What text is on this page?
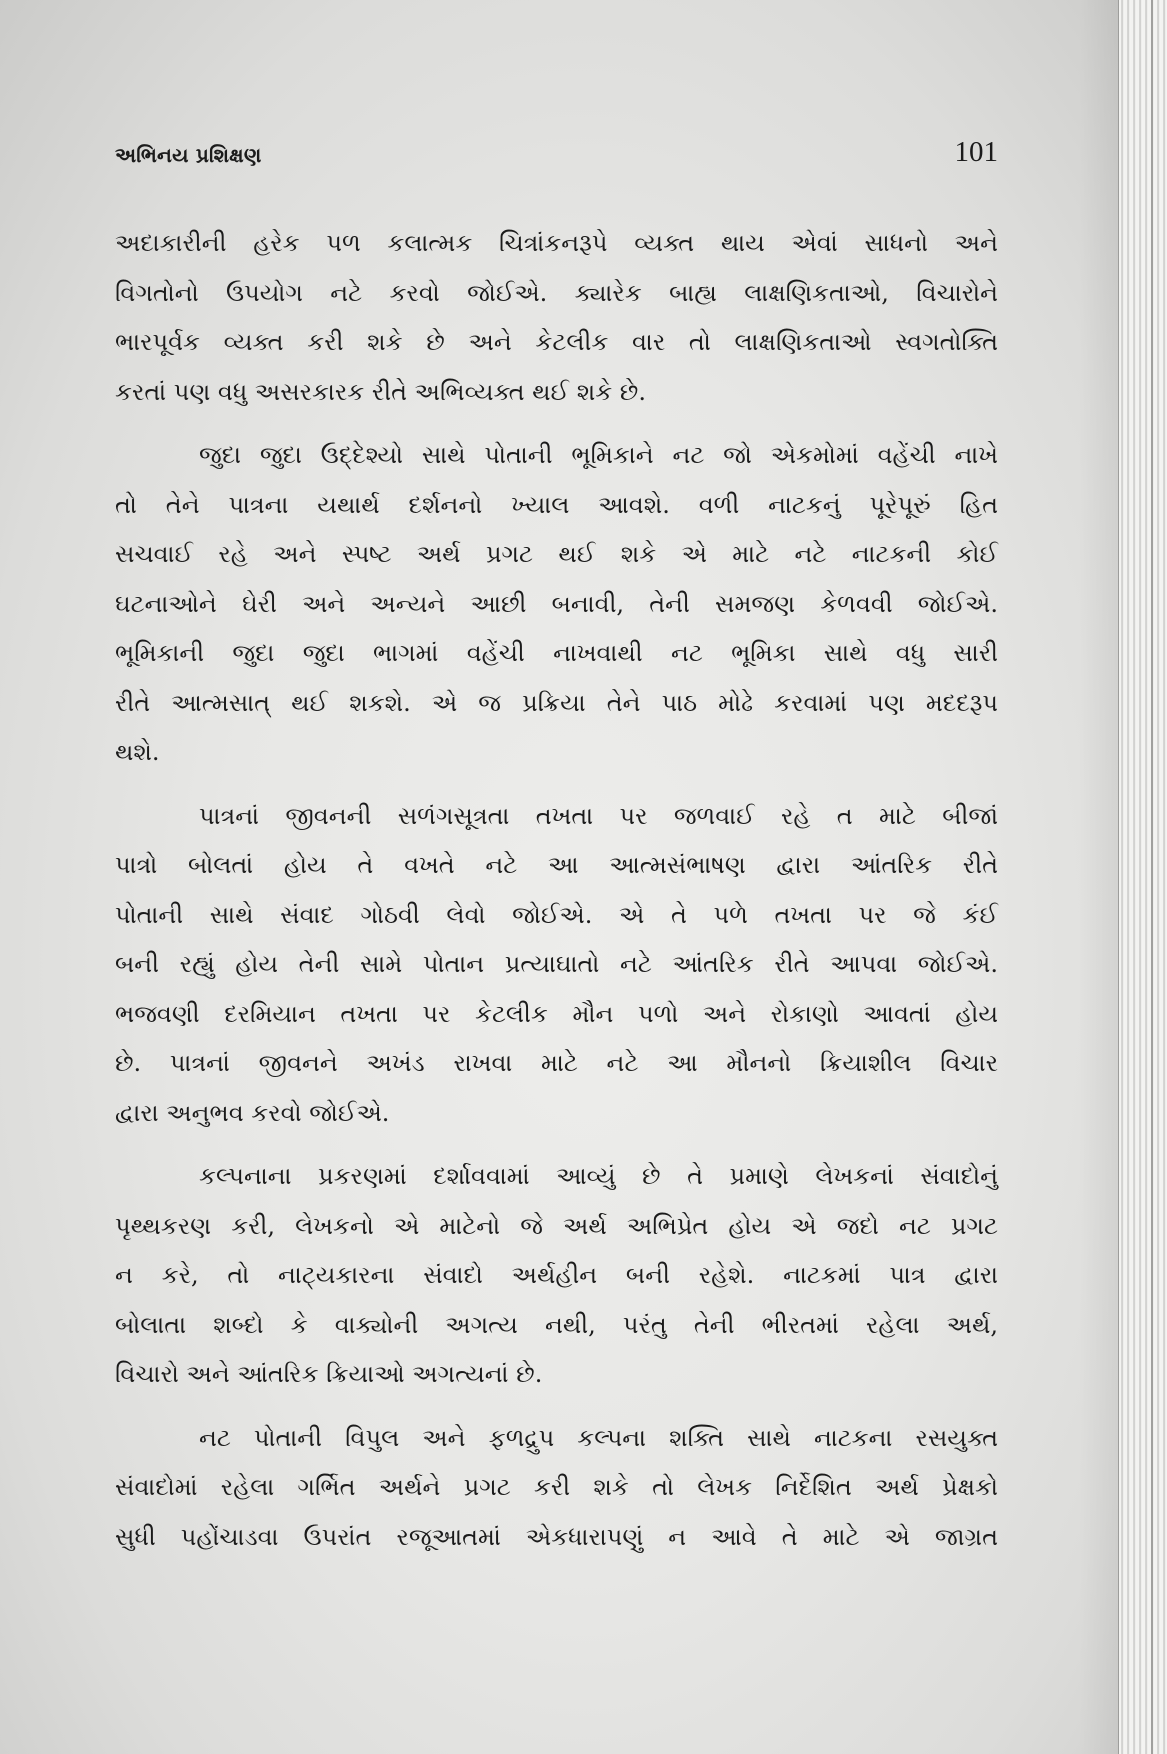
અભિનય પ્રશિક્ષણ	101
અદાકારીની હરેક પળ કલાત્મક ચિત્રાંકનરૂપે વ્યક્ત થાય એવાં સાધનો અને
વિગતોનો ઉપયોગ નટે કરવો જોઈએ. ક્યારેક બાહ્ય લાક્ષણિકતાઓ, વિચારોને
ભારપૂર્વક વ્યક્ત કરી શકે છે અને કેટલીક વાર તો લાક્ષણિકતાઓ સ્વગતોક્તિ
કરતાં પણ વધુ અસરકારક રીતે અભિવ્યક્ત થઈ શકે છે.
જુદા જુદા ઉદ્દેશ્યો સાથે પોતાની ભૂમિકાને નટ જો એકમોમાં વહેંચી નાખે
તો તેને પાત્રના યથાર્થ દર્શનનો ખ્યાલ આવશે. વળી નાટકનું પૂરેપૂરું હિત
સચવાઈ રહે અને સ્પષ્ટ અર્થ પ્રગટ થઈ શકે એ માટે નટે નાટકની કોઈ
ઘટનાઓને ઘેરી અને અન્યને આછી બનાવી, તેની સમજણ કેળવવી જોઈએ.
ભૂમિકાની જુદા જુદા ભાગમાં વહેંચી નાખવાથી નટ ભૂમિકા સાથે વધુ સારી
રીતે આત્મસાત્ થઈ શકશે. એ જ પ્રક્રિયા તેને પાઠ મોઢે કરવામાં પણ મદદરૂપ
થશે.
પાત્રનાં જીવનની સળંગસૂત્રતા તખતા પર જળવાઈ રહે ત માટે બીજાં
પાત્રો બોલતાં હોય તે વખતે નટે આ આત્મસંભાષણ દ્વારા આંતરિક રીતે
પોતાની સાથે સંવાદ ગોઠવી લેવો જોઈએ. એ તે પળે તખતા પર જે કંઈ
બની રહ્યું હોય તેની સામે પોતાન પ્રત્યાઘાતો નટે આંતરિક રીતે આપવા જોઈએ.
ભજવણી દરમિયાન તખતા પર કેટલીક મૌન પળો અને રોકાણો આવતાં હોય
છે. પાત્રનાં જીવનને અખંડ રાખવા માટે નટે આ મૌનનો ક્રિયાશીલ વિચાર
દ્વારા અનુભવ કરવો જોઈએ.
કલ્પનાના પ્રકરણમાં દર્શાવવામાં આવ્યું છે તે પ્રમાણે લેખકનાં સંવાદોનું
પૃથ્થકરણ કરી, લેખકનો એ માટેનો જે અર્થ અભિપ્રેત હોય એ જદો નટ પ્રગટ
ન કરે, તો નાટ્યકારના સંવાદો અર્થહીન બની રહેશે. નાટકમાં પાત્ર દ્વારા
બોલાતા શબ્દો કે વાક્યોની અગત્ય નથી, પરંતુ તેની ભીરતમાં રહેલા અર્થ,
વિચારો અને આંતરિક ક્રિયાઓ અગત્યનાં છે.
નટ પોતાની વિપુલ અને ફળદ્રુપ કલ્પના શક્તિ સાથે નાટકના રસયુક્ત
સંવાદોમાં રહેલા ગર્ભિત અર્થને પ્રગટ કરી શકે તો લેખક નિર્દેશિત અર્થ પ્રેક્ષકો
સુધી પહોંચાડવા ઉપરાંત રજૂઆતમાં એકધારાપણું ન આવે તે માટે એ જાગ્રત
